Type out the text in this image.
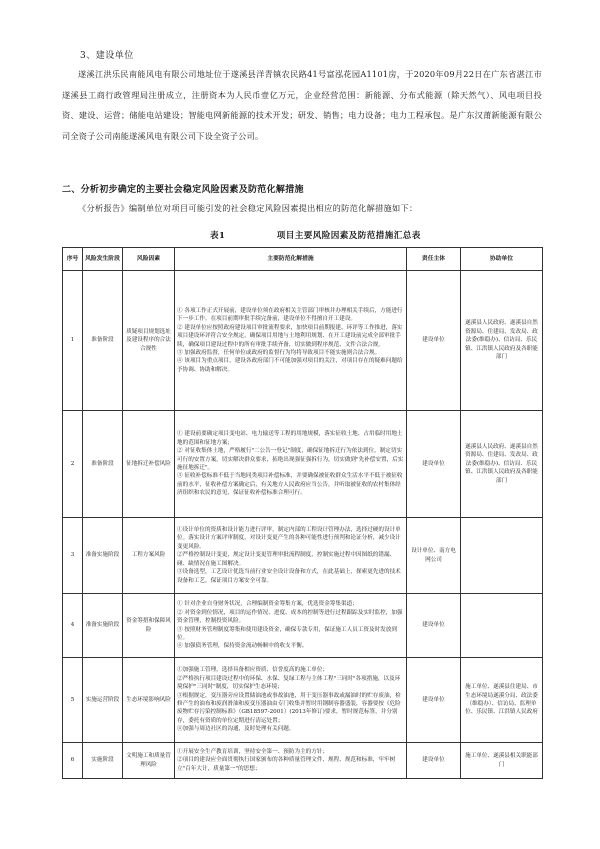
3、建设单位
遂溪江洪乐民南能风电有限公司地址位于遂溪县洋青镇农民路41号富泓花园A1101房，于2020年09月22日在广东省湛江市遂溪县工商行政管理局注册成立，注册资本为人民币壹亿万元，企业经营范围：新能源、分布式能源（除天然气）、风电项目投资、建设、运营；储能电站建设；智能电网新能源的技术开发；研发、销售；电力设备；电力工程承包。是广东汉莆新能源有限公司全资子公司南能遂溪风电有限公司下设全资子公司。
二、分析初步确定的主要社会稳定风险因素及防范化解措施
《分析报告》编制单位对项目可能引发的社会稳定风险因素提出相应的防范化解措施如下：
表1	项目主要风险因素及防范措施汇总表
序号	风险发生阶段	风险因素	主要防范化解措施	责任主体	协助单位
1	准备阶段	质疑项目规划选址及建设程序的合法合规性	① 各项工作正式开展前，建设单位须在政府相关主管部门审核并办理相关手续后，方能进行下一步工作。在项目前期审批手续完备前，建设单位不得擅自开工建设。
② 建设单位应按照政府建设项目审批流程要求，加快项目前期报建、环评等工作推进，落实项目建设环评符合安全规定，确保项目用地与土地利用规划、在开工建设前完成全部审批手续，确保项目建设过程中的所有审批手续齐备，切实做到程序规范、文件合法合规。
③ 加强政府监督，任何单位或政府的监督行为均将导致项目不能实施则合法合规。
④ 该项目为重点项目，建设各政府部门不可能加强对项目的关注，对项目存在的疑难问题给予协调、协助和解决。	建设单位	遂溪县人民政府、遂溪县自然资源局、住建局、发改局、政法委(维稳办)、信访局、乐民镇、江洪镇人民政府及各职能部门
2	准备阶段	征地拆迁补偿风险	① 建设前要确定项目变电站、电力输送等工程的用地规模，落实征收土地、占用临时用地土地的范围和征地方案；
② 对征收集体土地，严格履行"二公告一登记"制度，确保征地拆迁行为依法到位，制定切实可行的安置方案，切实解决群众要求，拓绝出现强征强拆行为，切实做到"先补偿安置，后实施征地拆迁"。
③ 征收补偿标准不低于当地同类项目补偿标准，并要确保被征收群众生活水平不低于被征收前的水平，征收补偿方案确定后，有关地方人民政府应当公告，并听取被征收的农村集体经济组织和农民的意见，保证征收补偿标准合理可行。	建设单位	遂溪县人民政府、遂溪县自然资源局、住建局、发改局、政法委(维稳办)、信访局、乐民镇、江洪镇人民政府及各职能部门
3	准备实施阶段	工程方案风险	①设计单位的资质和设计能力进行评审，制定内部的工程设计管理办法，选择过硬的设计单位。落实设计方案评审制度，对设计变更产生的各种可能性进行预判和论证分析，减少设计变更风险。
②严格控制设计变更，规定设计变更管理审批流程制度，控制实施过程中因图纸的错漏、碰、缺情况在施工图解决。
③设备选型，工艺设计优选当前行业安全设计设备和方式，在此基础上，探索更先进的技术设备和工艺，保证项目方案安全可靠。	设计单位、南方电网公司	
4	准备实施阶段	资金筹措和保障风险	① 针对企业自身财务状况，合理编制资金筹集方案，优选资金筹集渠道；
② 对资金到位情况，项目的运作情况、进度、成本的控制等进行过程跟踪及实时监控，加强资金管理，控制投资风险。
③ 按照财务管理制度筹集和使用建设资金，确保专款专用，保证施工人员工资及时发放到位。
④ 加强债务管理，保持资金流动畅顺中的收支平衡。	建设单位	
5	实施运营阶段	生态环境影响风险	①加强施工管理，选择具备相应资质、信誉度高的施工单位；
②严格执行项目建设过程中的环保、水保、复绿工程与主体工程"三同时"各项措施，以及环境保护"三同时"制度，切实保护生态环境；
③根据规定，变压器旁应设置储油池或事故油池，用于变压器事故或漏油时的贮存废油，检修产生的油布和废润滑油和废变压器油由专门收集并暂时用钢制容器盛装，容器要按《危险废物贮存污染控制标准》（GB18597-2001）(2013年修订)要求，暂时规范标签，并分别存，委托有资质的单位定期进行清运处置；
④加强与周边社区的沟通，及时处理有关问题。	建设单位	施工单位、遂溪县住建局、市生态环境局遂溪分局、政法委（维稳办）、信访局、监理单位、乐民镇、江洪镇人民政府
6	实施阶段	文明施工和质量管理风险	①开展安全生产教育培训，坚持安全第一、预防为主的方针；
②项目的建设应全面贯彻执行国家颁布的各种质量管理文件、规程、规范和标准，牢牢树立"百年大计，质量第一"的思想；	建设单位	施工单位、遂溪县相关职能部门
